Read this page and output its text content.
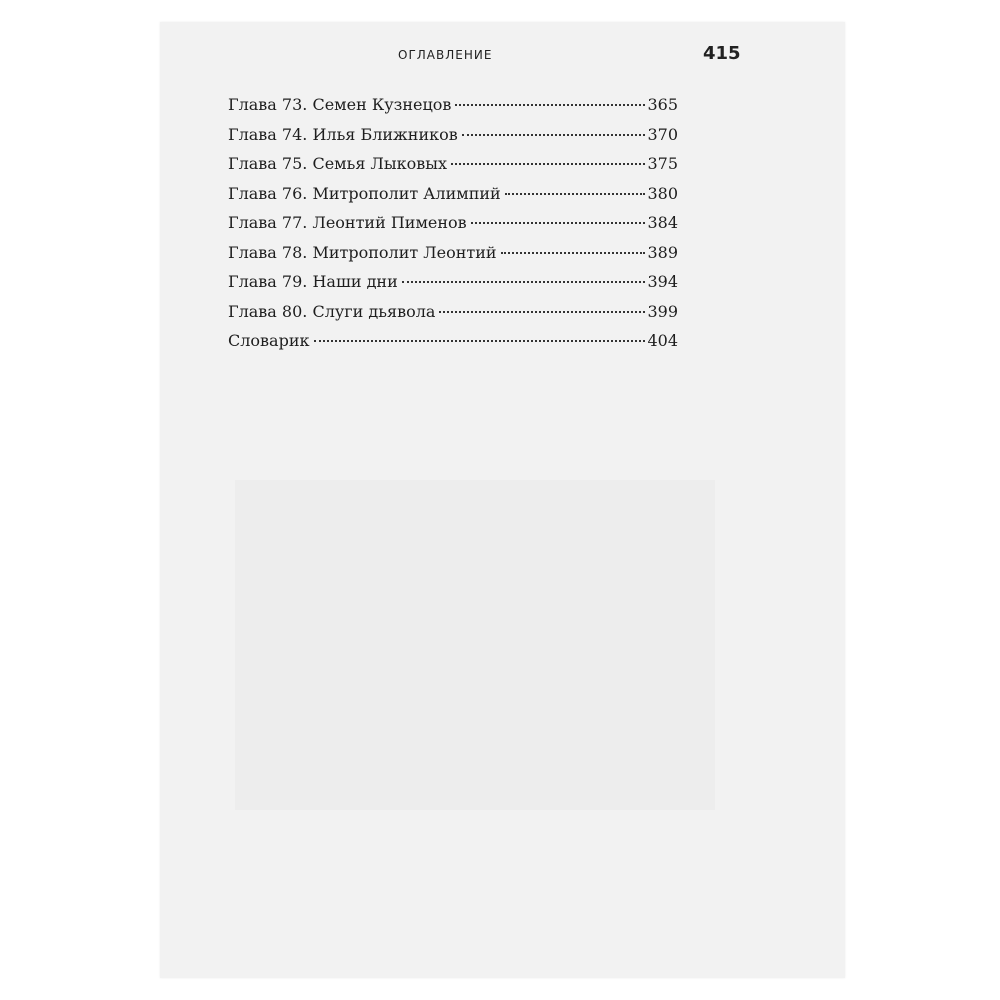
оглавление	415
Глава 73. Семен Кузнецов	365
Глава 74. Илья Ближников	370
Глава 75. Семья Лыковых	375
Глава 76. Митрополит Алимпий	380
Глава 77. Леонтий Пименов	384
Глава 78. Митрополит Леонтий	389
Глава 79. Наши дни	394
Глава 80. Слуги дьявола	399
Словарик	404
